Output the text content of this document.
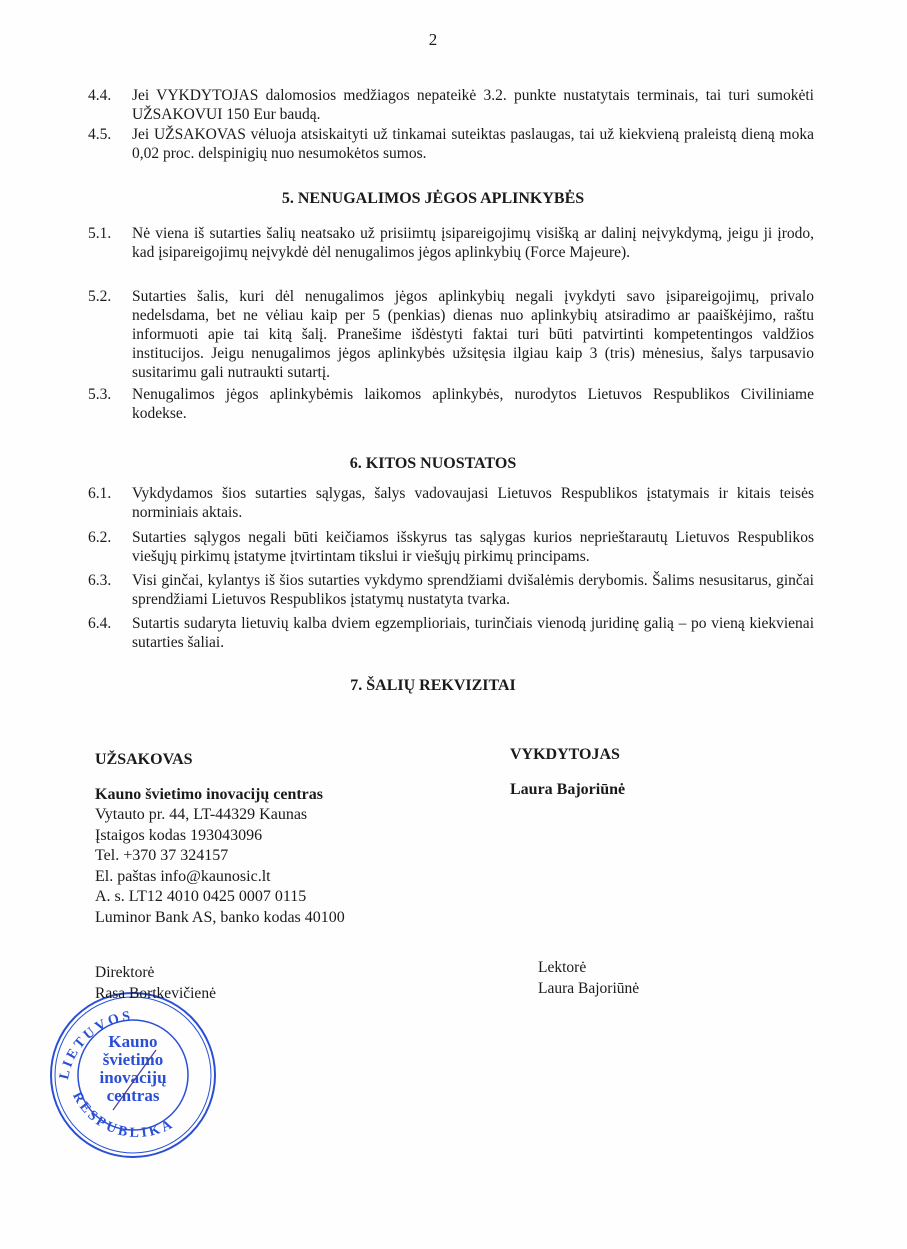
2
4.4.	Jei VYKDYTOJAS dalomosios medžiagos nepateikė 3.2. punkte nustatytais terminais, tai turi sumokėti UŽSAKOVUI 150 Eur baudą.
4.5.	Jei UŽSAKOVAS vėluoja atsiskaityti už tinkamai suteiktas paslaugas, tai už kiekvieną praleistą dieną moka 0,02 proc. delspinigių nuo nesumokėtos sumos.
5. NENUGALIMOS JĖGOS APLINKYBĖS
5.1.	Nė viena iš sutarties šalių neatsako už prisiimtų įsipareigojimų visišką ar dalinį neįvykdymą, jeigu ji įrodo, kad įsipareigojimų neįvykdė dėl nenugalimos jėgos aplinkybių (Force Majeure).
5.2.	Sutarties šalis, kuri dėl nenugalimos jėgos aplinkybių negali įvykdyti savo įsipareigojimų, privalo nedelsdama, bet ne vėliau kaip per 5 (penkias) dienas nuo aplinkybių atsiradimo ar paaiškėjimo, raštu informuoti apie tai kitą šalį. Pranešime išdėstyti faktai turi būti patvirtinti kompetentingos valdžios institucijos. Jeigu nenugalimos jėgos aplinkybės užsitęsia ilgiau kaip 3 (tris) mėnesius, šalys tarpusavio susitarimu gali nutraukti sutartį.
5.3.	Nenugalimos jėgos aplinkybėmis laikomos aplinkybės, nurodytos Lietuvos Respublikos Civiliniame kodekse.
6. KITOS NUOSTATOS
6.1.	Vykdydamos šios sutarties sąlygas, šalys vadovaujasi Lietuvos Respublikos įstatymais ir kitais teisės norminiais aktais.
6.2.	Sutarties sąlygos negali būti keičiamos išskyrus tas sąlygas kurios neprieštarautų Lietuvos Respublikos viešųjų pirkimų įstatyme įtvirtintam tikslui ir viešųjų pirkimų principams.
6.3.	Visi ginčai, kylantys iš šios sutarties vykdymo sprendžiami dvišalėmis derybomis. Šalims nesusitarus, ginčai sprendžiami Lietuvos Respublikos įstatymų nustatyta tvarka.
6.4.	Sutartis sudaryta lietuvių kalba dviem egzemplioriais, turinčiais vienodą juridinę galią – po vieną kiekvienai sutarties šaliai.
7. ŠALIŲ REKVIZITAI
UŽSAKOVAS
Kauno švietimo inovacijų centras
Vytauto pr. 44, LT-44329 Kaunas
Įstaigos kodas 193043096
Tel. +370 37 324157
El. paštas info@kaunosic.lt
A. s. LT12 4010 0425 0007 0115
Luminor Bank AS, banko kodas 40100
VYKDYTOJAS
Laura Bajoriūnė
LIETUVOS
RESPUBLIKA
Kauno
švietimo
inovacijų
centras
Direktorė
Rasa Bortkevičienė
Lektorė
Laura Bajoriūnė
